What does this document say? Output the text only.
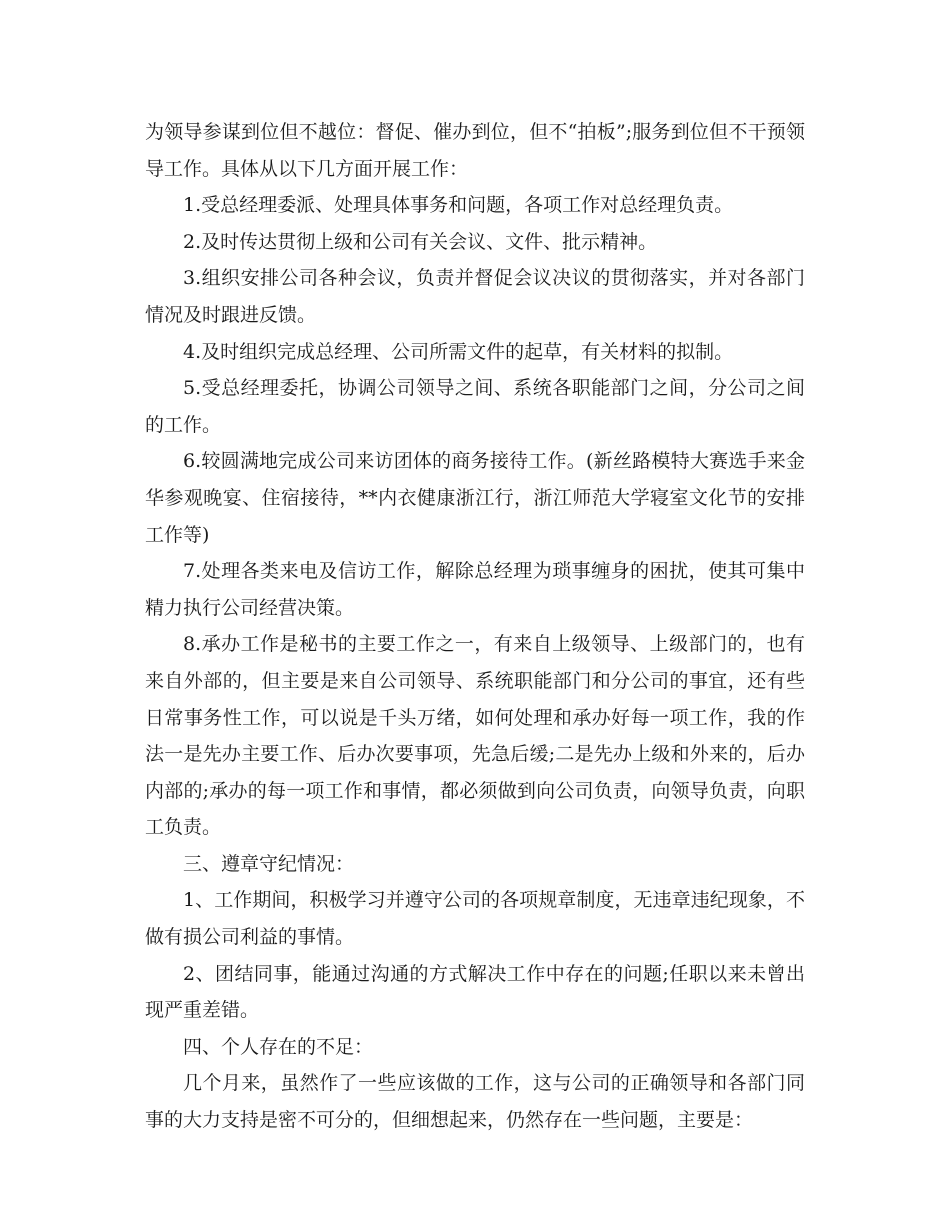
为领导参谋到位但不越位：督促、催办到位，但不“拍板”;服务到位但不干预领导工作。具体从以下几方面开展工作：

1.受总经理委派、处理具体事务和问题，各项工作对总经理负责。

2.及时传达贯彻上级和公司有关会议、文件、批示精神。

3.组织安排公司各种会议，负责并督促会议决议的贯彻落实，并对各部门情况及时跟进反馈。

4.及时组织完成总经理、公司所需文件的起草，有关材料的拟制。

5.受总经理委托，协调公司领导之间、系统各职能部门之间，分公司之间的工作。

6.较圆满地完成公司来访团体的商务接待工作。(新丝路模特大赛选手来金华参观晚宴、住宿接待，**内衣健康浙江行，浙江师范大学寝室文化节的安排工作等)

7.处理各类来电及信访工作，解除总经理为琐事缠身的困扰，使其可集中精力执行公司经营决策。

8.承办工作是秘书的主要工作之一，有来自上级领导、上级部门的，也有来自外部的，但主要是来自公司领导、系统职能部门和分公司的事宜，还有些日常事务性工作，可以说是千头万绪，如何处理和承办好每一项工作，我的作法一是先办主要工作、后办次要事项，先急后缓;二是先办上级和外来的，后办内部的;承办的每一项工作和事情，都必须做到向公司负责，向领导负责，向职工负责。

三、遵章守纪情况：

1、工作期间，积极学习并遵守公司的各项规章制度，无违章违纪现象，不做有损公司利益的事情。

2、团结同事，能通过沟通的方式解决工作中存在的问题;任职以来未曾出现严重差错。

四、个人存在的不足：

几个月来，虽然作了一些应该做的工作，这与公司的正确领导和各部门同事的大力支持是密不可分的，但细想起来，仍然存在一些问题，主要是：
